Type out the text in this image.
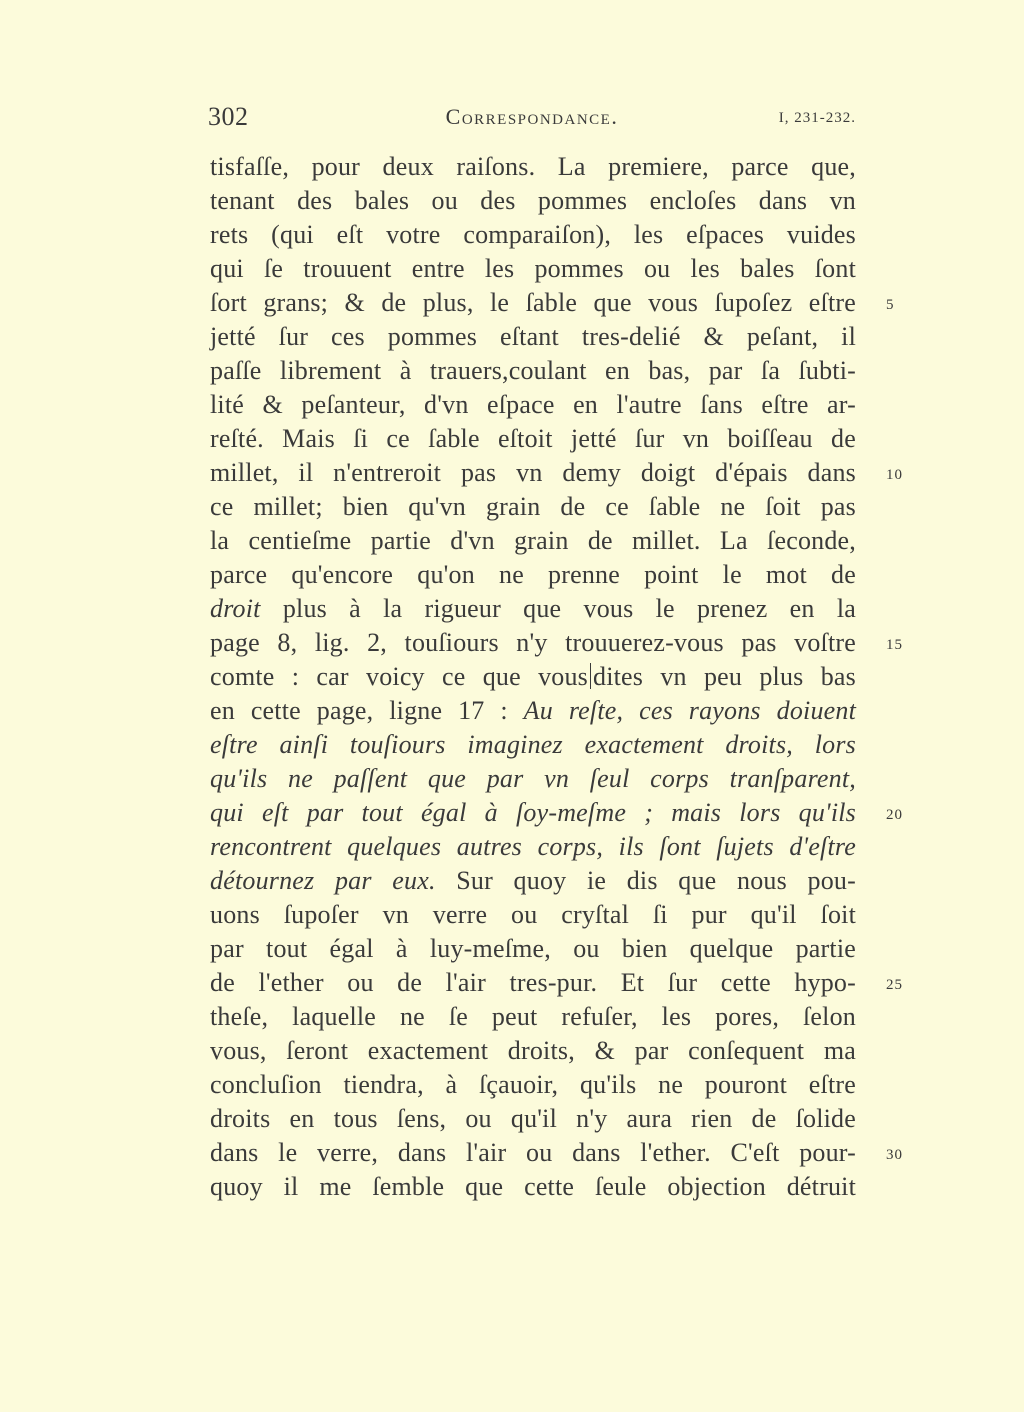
302	Correspondance.	I, 231-232.
tisfaſſe, pour deux raiſons. La premiere, parce que,
tenant des bales ou des pommes encloſes dans vn
rets (qui eſt votre comparaiſon), les eſpaces vuides
qui ſe trouuent entre les pommes ou les bales ſont
ſort grans; & de plus, le ſable que vous ſupoſez eſtre 5
jetté ſur ces pommes eſtant tres-delié & peſant, il
paſſe librement à trauers,coulant en bas, par ſa ſubti-
lité & peſanteur, d'vn eſpace en l'autre ſans eſtre ar-
reſté. Mais ſi ce ſable eſtoit jetté ſur vn boiſſeau de
millet, il n'entreroit pas vn demy doigt d'épais dans 10
ce millet; bien qu'vn grain de ce ſable ne ſoit pas
la centieſme partie d'vn grain de millet. La ſeconde,
parce qu'encore qu'on ne prenne point le mot de
droit plus à la rigueur que vous le prenez en la
page 8, lig. 2, touſiours n'y trouuerez-vous pas voſtre 15
comte : car voicy ce que vous dites vn peu plus bas
en cette page, ligne 17 : Au reſte, ces rayons doiuent
eſtre ainſi touſiours imaginez exactement droits, lors
qu'ils ne paſſent que par vn ſeul corps tranſparent,
qui eſt par tout égal à ſoy-meſme ; mais lors qu'ils 20
rencontrent quelques autres corps, ils ſont ſujets d'eſtre
détournez par eux. Sur quoy ie dis que nous pou-
uons ſupoſer vn verre ou cryſtal ſi pur qu'il ſoit
par tout égal à luy-meſme, ou bien quelque partie
de l'ether ou de l'air tres-pur. Et ſur cette hypo- 25
theſe, laquelle ne ſe peut refuſer, les pores, ſelon
vous, ſeront exactement droits, & par conſequent ma
concluſion tiendra, à ſçauoir, qu'ils ne pouront eſtre
droits en tous ſens, ou qu'il n'y aura rien de ſolide
dans le verre, dans l'air ou dans l'ether. C'eſt pour- 30
quoy il me ſemble que cette ſeule objection détruit
